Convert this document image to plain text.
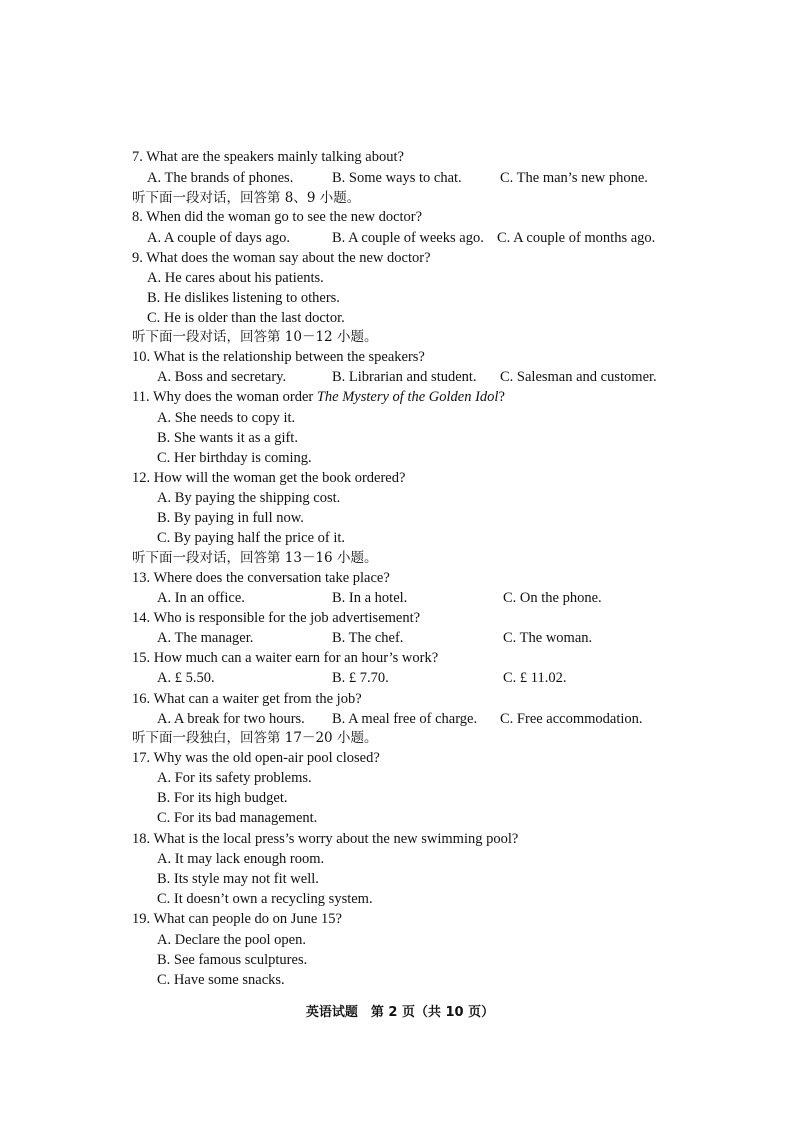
7. What are the speakers mainly talking about?
A. The brands of phones.	B. Some ways to chat.	C. The man’s new phone.
听下面一段对话，回答第 8、9 小题。
8. When did the woman go to see the new doctor?
A. A couple of days ago.	B. A couple of weeks ago. C. A couple of months ago.
9. What does the woman say about the new doctor?
A. He cares about his patients.
B. He dislikes listening to others.
C. He is older than the last doctor.
听下面一段对话，回答第 10－12 小题。
10. What is the relationship between the speakers?
A. Boss and secretary.	B. Librarian and student. C. Salesman and customer.
11. Why does the woman order The Mystery of the Golden Idol?
A. She needs to copy it.
B. She wants it as a gift.
C. Her birthday is coming.
12. How will the woman get the book ordered?
A. By paying the shipping cost.
B. By paying in full now.
C. By paying half the price of it.
听下面一段对话，回答第 13－16 小题。
13. Where does the conversation take place?
A. In an office.	B. In a hotel.	C. On the phone.
14. Who is responsible for the job advertisement?
A. The manager.	B. The chef.	C. The woman.
15. How much can a waiter earn for an hour’s work?
A. £ 5.50.	B. £ 7.70.	C. £ 11.02.
16. What can a waiter get from the job?
A. A break for two hours. B. A meal free of charge. C. Free accommodation.
听下面一段独白，回答第 17－20 小题。
17. Why was the old open-air pool closed?
A. For its safety problems.
B. For its high budget.
C. For its bad management.
18. What is the local press’s worry about the new swimming pool?
A. It may lack enough room.
B. Its style may not fit well.
C. It doesn’t own a recycling system.
19. What can people do on June 15?
A. Declare the pool open.
B. See famous sculptures.
C. Have some snacks.
英语试题　第 2 页（共 10 页）
